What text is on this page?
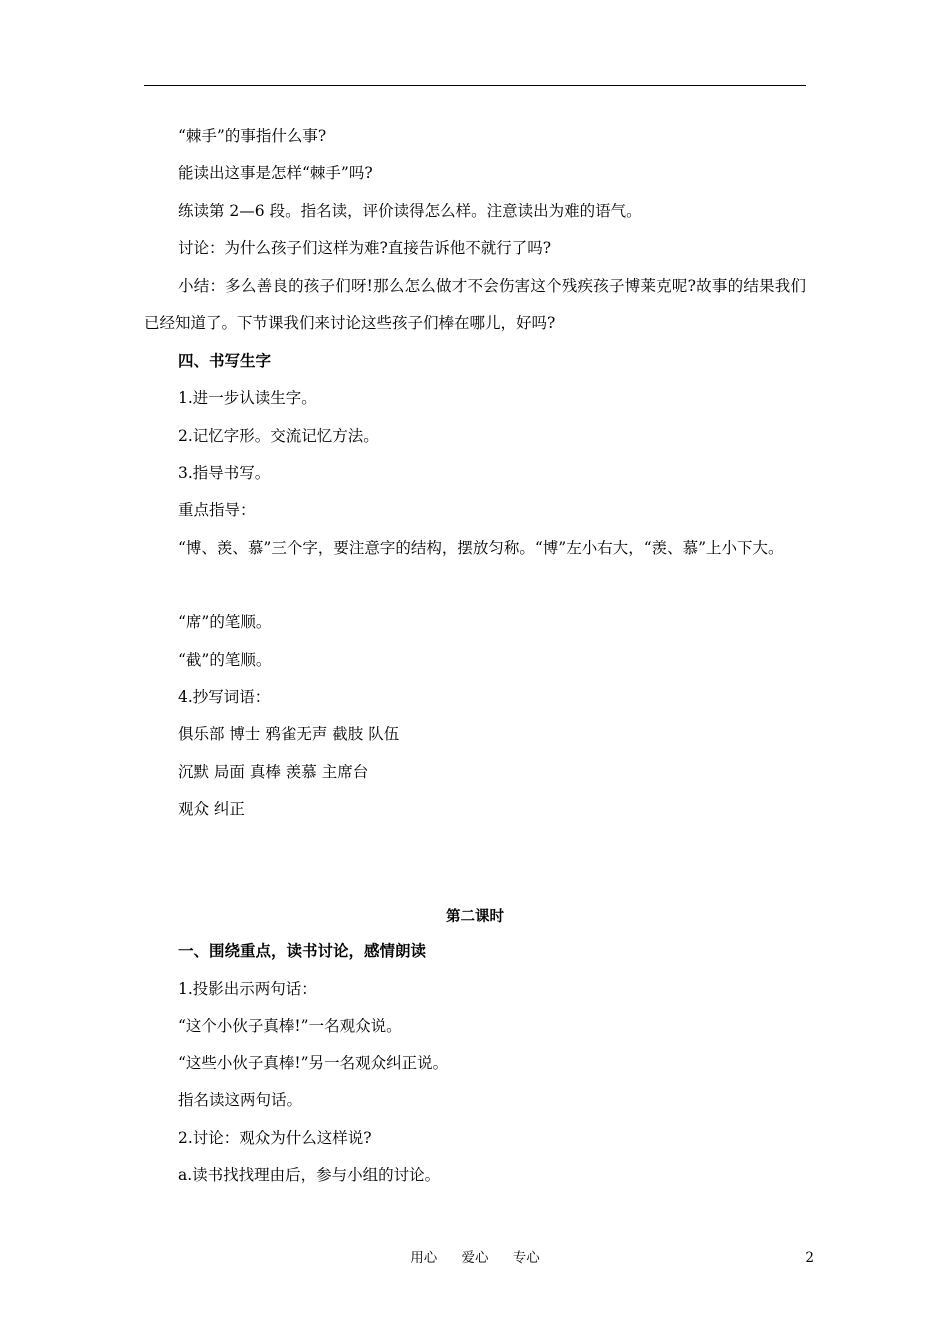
“棘手”的事指什么事?
能读出这事是怎样“棘手”吗?
练读第 2—6 段。指名读，评价读得怎么样。注意读出为难的语气。
讨论：为什么孩子们这样为难?直接告诉他不就行了吗?
小结：多么善良的孩子们呀!那么怎么做才不会伤害这个残疾孩子博莱克呢?故事的结果我们已经知道了。下节课我们来讨论这些孩子们棒在哪儿，好吗?
四、书写生字
1.进一步认读生字。
2.记忆字形。交流记忆方法。
3.指导书写。
重点指导：
“博、羡、慕”三个字，要注意字的结构，摆放匀称。“博”左小右大，“羡、慕”上小下大。
“席”的笔顺。
“截”的笔顺。
4.抄写词语：
俱乐部 博士 鸦雀无声 截肢 队伍
沉默 局面 真棒 羡慕 主席台
观众 纠正
第二课时
一、围绕重点，读书讨论，感情朗读
1.投影出示两句话：
“这个小伙子真棒!”一名观众说。
“这些小伙子真棒!”另一名观众纠正说。
指名读这两句话。
2.讨论：观众为什么这样说?
a.读书找找理由后，参与小组的讨论。
用心 爱心 专心	2
